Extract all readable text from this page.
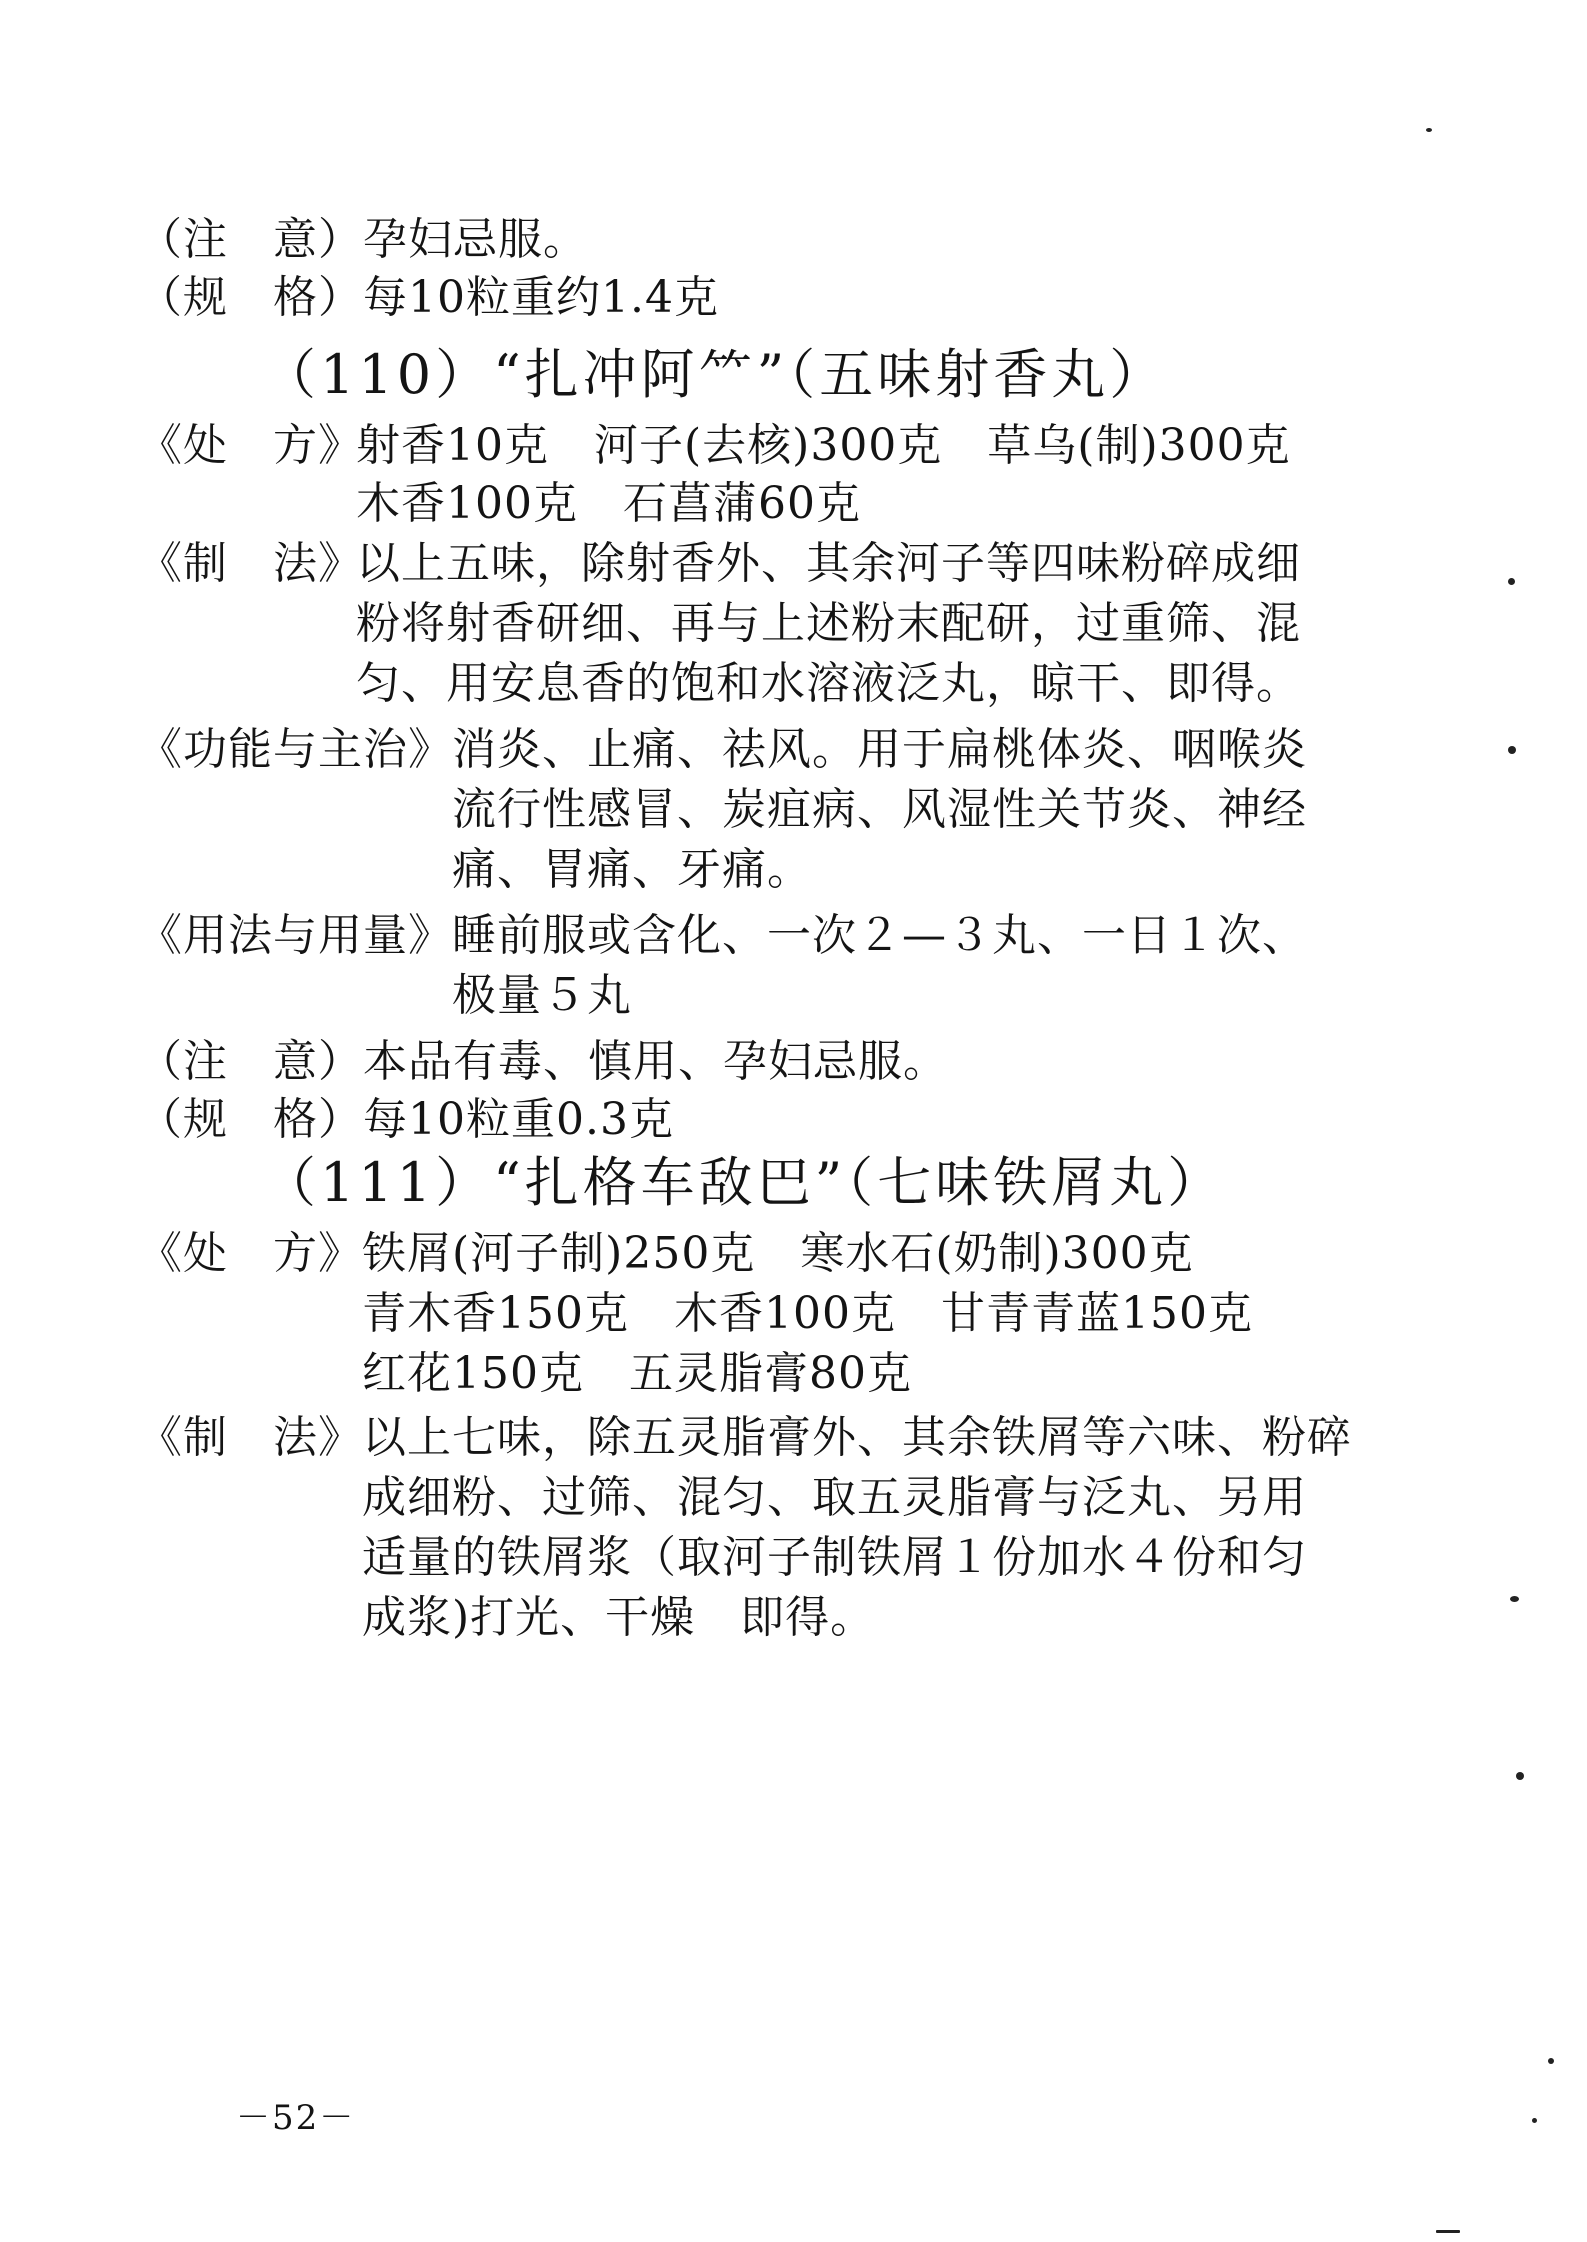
（注　意）孕妇忌服。
（规　格）每10粒重约1.4克
（110）“扎冲阿⺮”（五味射香丸）
《处　方》
射香10克　河子(去核)300克　草乌(制)300克
木香100克　石菖蒲60克
《制　法》
以上五味，除射香外、其余河子等四味粉碎成细
粉将射香研细、再与上述粉末配研，过重筛、混
匀、用安息香的饱和水溶液泛丸，晾干、即得。
《功能与主治》 消炎、止痛、祛风。用于扁桃体炎、咽喉炎
流行性感冒、炭疽病、风湿性关节炎、神经
痛、胃痛、牙痛。
《用法与用量》 睡前服或含化、一次２—３丸、一日１次、
极量５丸
（注　意）本品有毒、慎用、孕妇忌服。
（规　格）每10粒重0.3克
（111）“扎格车敌巴”（七味铁屑丸）
《处　方》 铁屑(河子制)250克　寒水石(奶制)300克
青木香150克　木香100克　甘青青蓝150克
红花150克　五灵脂膏80克
《制　法》 以上七味，除五灵脂膏外、其余铁屑等六味、粉碎
成细粉、过筛、混匀、取五灵脂膏与泛丸、另用
适量的铁屑浆（取河子制铁屑１份加水４份和匀
成浆)打光、干燥　即得。
－52－
